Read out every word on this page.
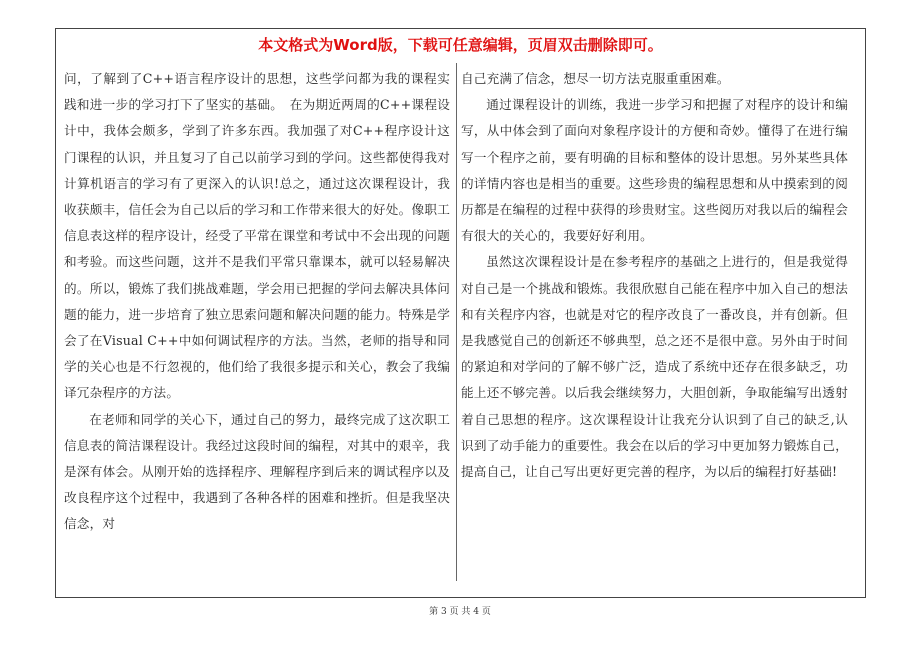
本文格式为Word版，下载可任意编辑，页眉双击删除即可。

问，了解到了C++语言程序设计的思想，这些学问都为我的课程实践和进一步的学习打下了坚实的基础。　在为期近两周的C++课程设计中，我体会颇多，学到了许多东西。我加强了对C++程序设计这门课程的认识，并且复习了自己以前学习到的学问。这些都使得我对计算机语言的学习有了更深入的认识!总之，通过这次课程设计，我收获颇丰，信任会为自己以后的学习和工作带来很大的好处。像职工信息表这样的程序设计，经受了平常在课堂和考试中不会出现的问题和考验。而这些问题，这并不是我们平常只靠课本，就可以轻易解决的。所以，锻炼了我们挑战难题，学会用已把握的学问去解决具体问题的能力，进一步培育了独立思索问题和解决问题的能力。特殊是学会了在Visual C++中如何调试程序的方法。当然，老师的指导和同学的关心也是不行忽视的，他们给了我很多提示和关心，教会了我编译冗杂程序的方法。

在老师和同学的关心下，通过自己的努力，最终完成了这次职工信息表的简洁课程设计。我经过这段时间的编程，对其中的艰辛，我是深有体会。从刚开始的选择程序、理解程序到后来的调试程序以及改良程序这个过程中，我遇到了各种各样的困难和挫折。但是我坚决信念，对

自己充满了信念，想尽一切方法克服重重困难。

通过课程设计的训练，我进一步学习和把握了对程序的设计和编写，从中体会到了面向对象程序设计的方便和奇妙。懂得了在进行编写一个程序之前，要有明确的目标和整体的设计思想。另外某些具体的详情内容也是相当的重要。这些珍贵的编程思想和从中摸索到的阅历都是在编程的过程中获得的珍贵财宝。这些阅历对我以后的编程会有很大的关心的，我要好好利用。

虽然这次课程设计是在参考程序的基础之上进行的，但是我觉得对自己是一个挑战和锻炼。我很欣慰自己能在程序中加入自己的想法和有关程序内容，也就是对它的程序改良了一番改良，并有创新。但是我感觉自己的创新还不够典型，总之还不是很中意。另外由于时间的紧迫和对学问的了解不够广泛，造成了系统中还存在很多缺乏，功能上还不够完善。以后我会继续努力，大胆创新，争取能编写出透射着自己思想的程序。这次课程设计让我充分认识到了自己的缺乏,认识到了动手能力的重要性。我会在以后的学习中更加努力锻炼自己，提高自己，让自己写出更好更完善的程序，为以后的编程打好基础!

第 3 页 共 4 页
